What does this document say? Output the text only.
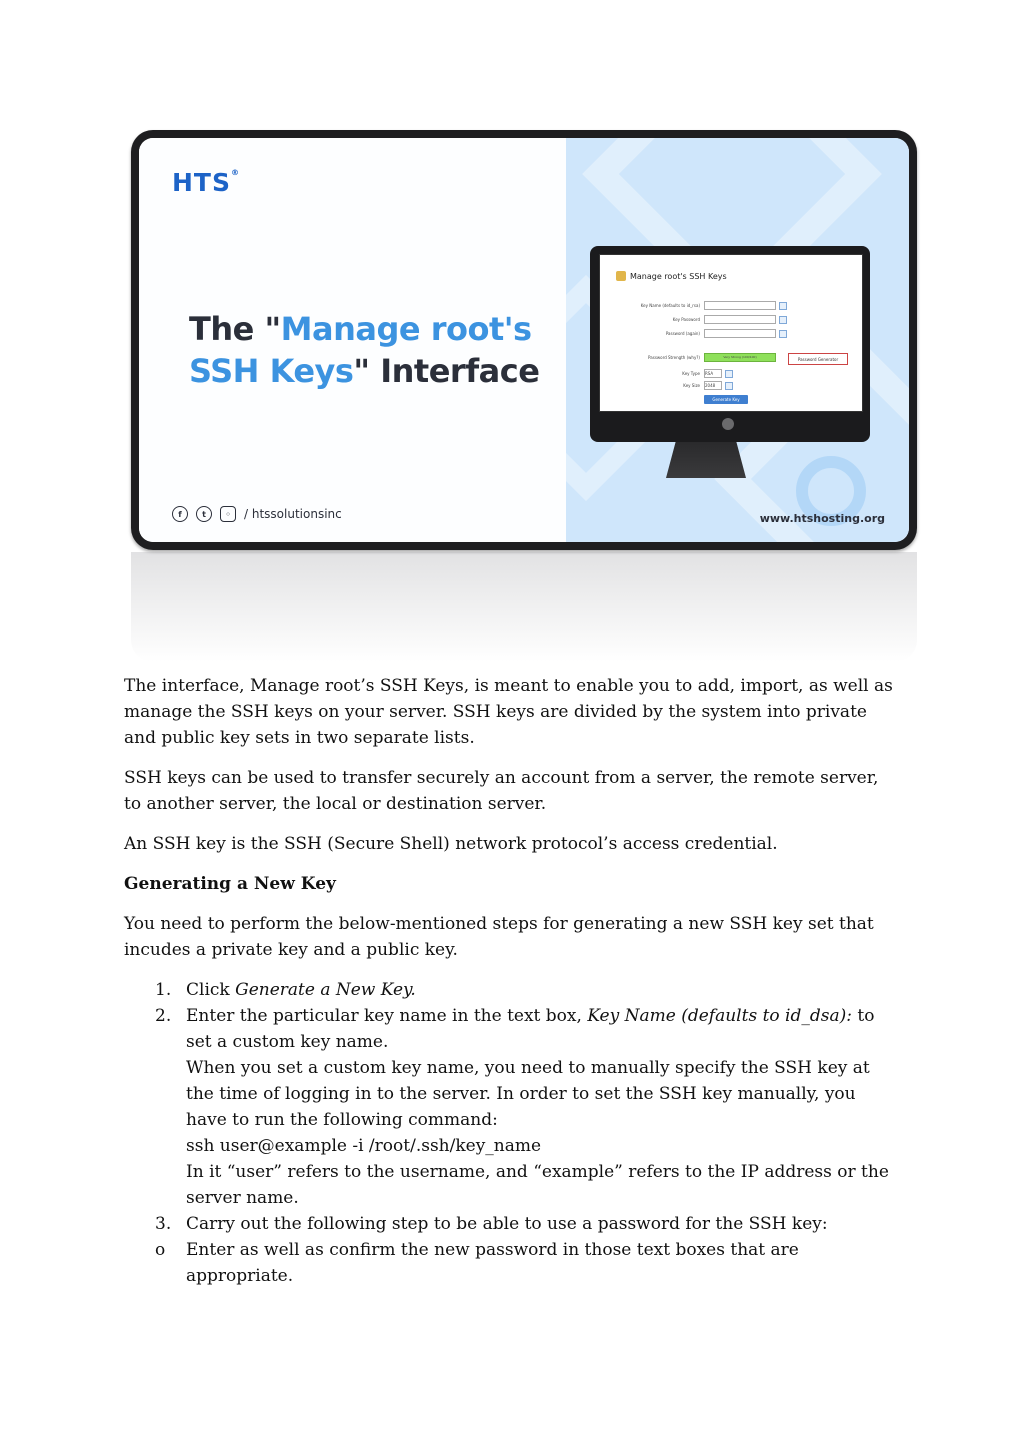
HTS®
The "Manage root's
SSH Keys" Interface
f	t	◦	/ htssolutionsinc
Manage root's SSH Keys
Key Name (defaults to id_rsa)
Key Password
Password (again)
Password Strength (why?)	Very Strong (100/100)	Password Generator
Key Type RSA
Key Size 2048
Generate Key
www.htshosting.org

The interface, Manage root’s SSH Keys, is meant to enable you to add, import, as well as manage the SSH keys on your server. SSH keys are divided by the system into private and public key sets in two separate lists.

SSH keys can be used to transfer securely an account from a server, the remote server, to another server, the local or destination server.

An SSH key is the SSH (Secure Shell) network protocol’s access credential.

Generating a New Key

You need to perform the below-mentioned steps for generating a new SSH key set that incudes a private key and a public key.

1. Click Generate a New Key.
2. Enter the particular key name in the text box, Key Name (defaults to id_dsa): to set a custom key name.
When you set a custom key name, you need to manually specify the SSH key at the time of logging in to the server. In order to set the SSH key manually, you have to run the following command:
ssh user@example -i /root/.ssh/key_name
In it “user” refers to the username, and “example” refers to the IP address or the server name.
3. Carry out the following step to be able to use a password for the SSH key:
o Enter as well as confirm the new password in those text boxes that are appropriate.
